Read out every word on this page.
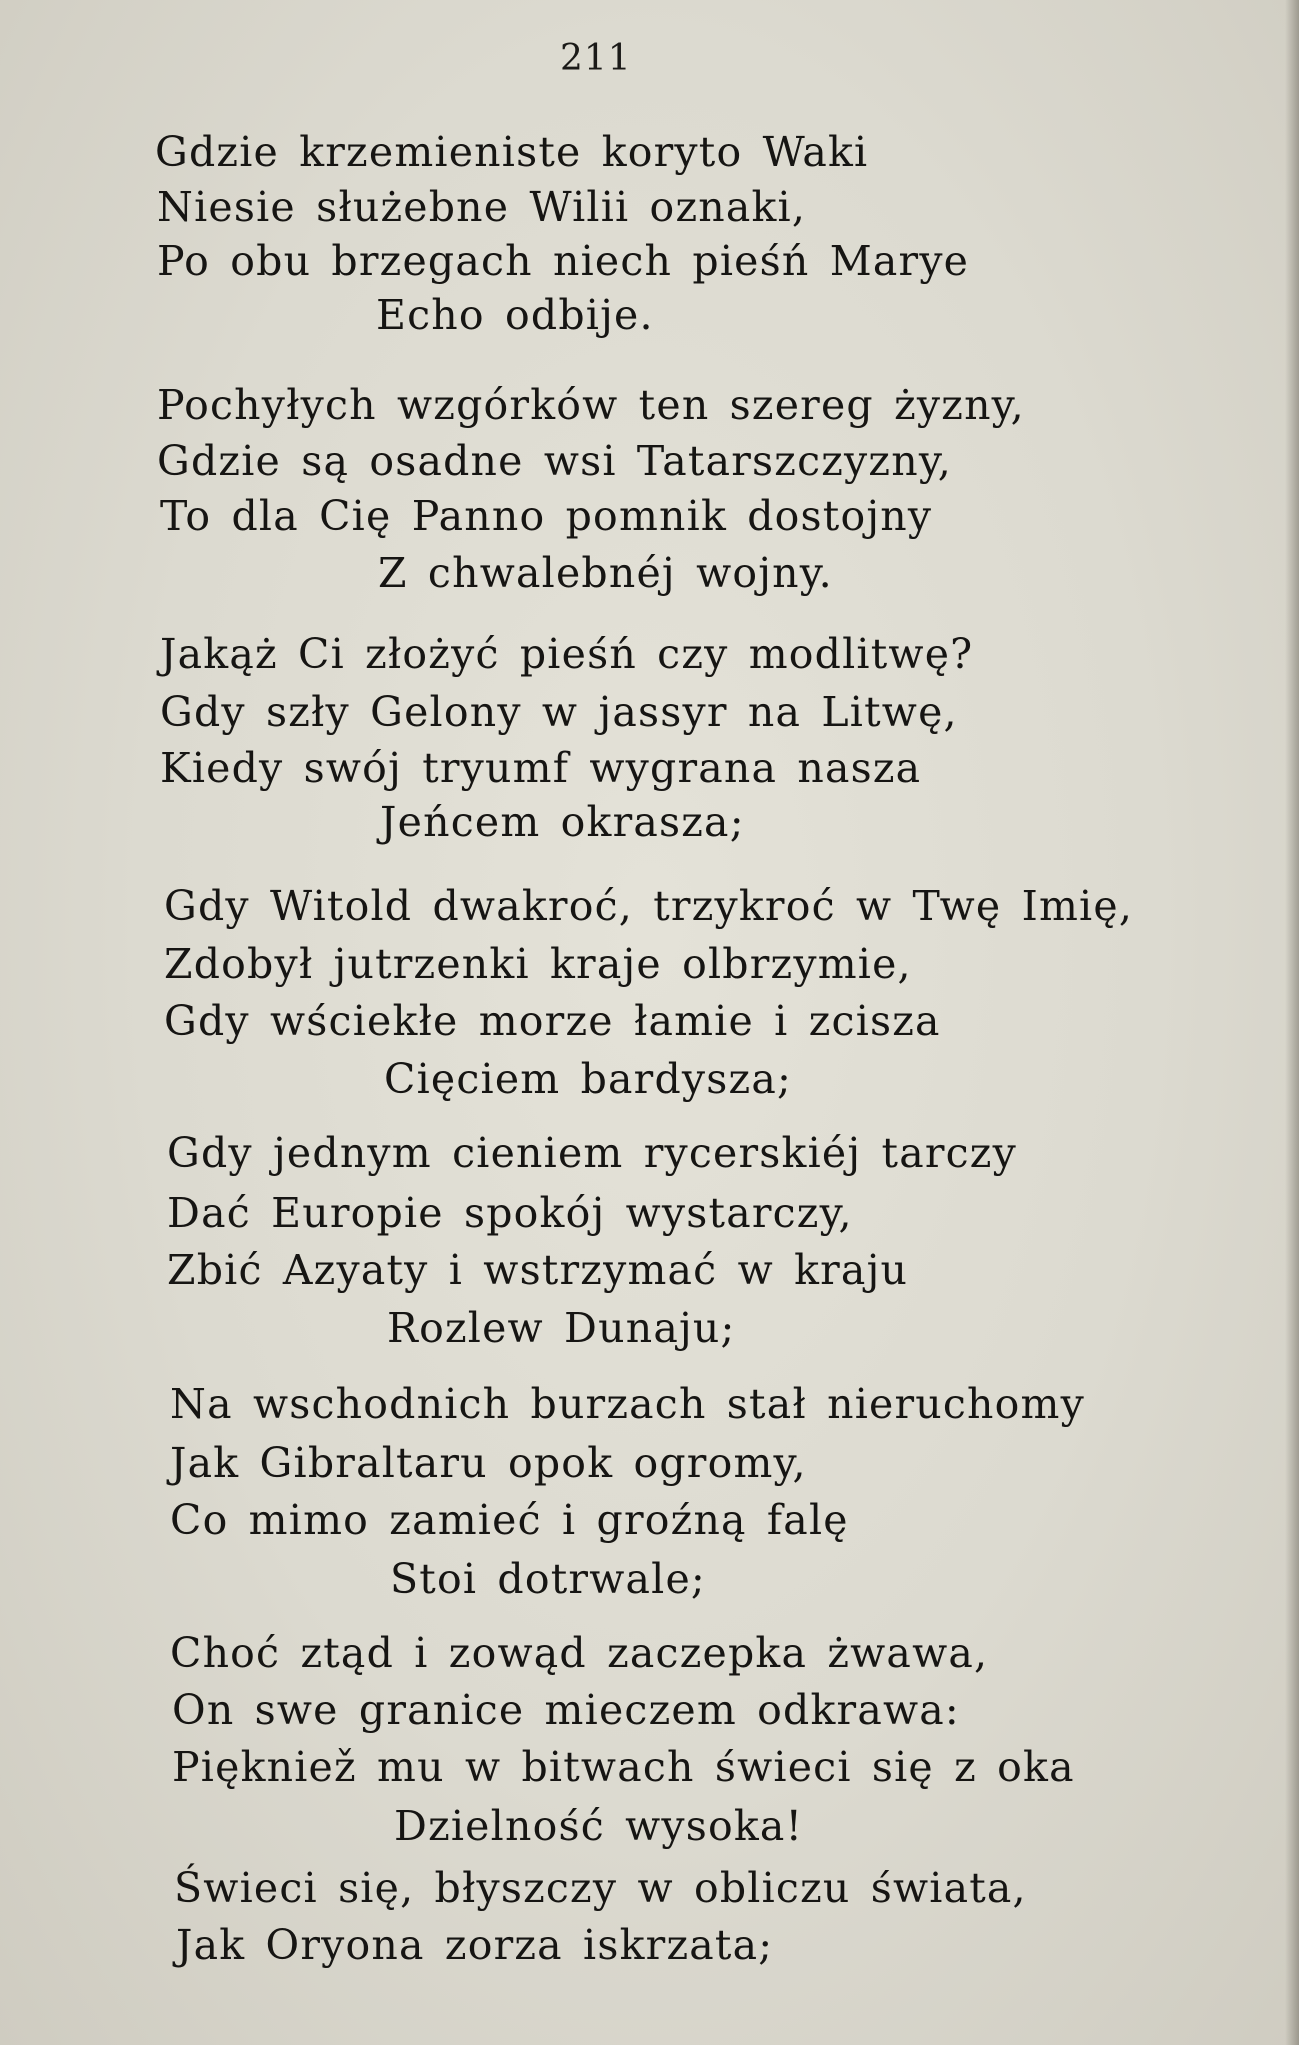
211
Gdzie krzemieniste koryto Waki
Niesie służebne Wilii oznaki,
Po obu brzegach niech pieśń Marye
Echo odbije.
Pochyłych wzgórków ten szereg żyzny,
Gdzie są osadne wsi Tatarszczyzny,
To dla Cię Panno pomnik dostojny
Z chwalebnéj wojny.
Jakąż Ci złożyć pieśń czy modlitwę?
Gdy szły Gelony w jassyr na Litwę,
Kiedy swój tryumf wygrana nasza
Jeńcem okrasza;
Gdy Witold dwakroć, trzykroć w Twę Imię,
Zdobył jutrzenki kraje olbrzymie,
Gdy wściekłe morze łamie i zcisza
Cięciem bardysza;
Gdy jednym cieniem rycerskiéj tarczy
Dać Europie spokój wystarczy,
Zbić Azyaty i wstrzymać w kraju
Rozlew Dunaju;
Na wschodnich burzach stał nieruchomy
Jak Gibraltaru opok ogromy,
Co mimo zamieć i groźną falę
Stoi dotrwale;
Choć ztąd i zowąd zaczepka żwawa,
On swe granice mieczem odkrawa:
Piękniež mu w bitwach świeci się z oka
Dzielność wysoka!
Świeci się, błyszczy w obliczu świata,
Jak Oryona zorza iskrzata;
